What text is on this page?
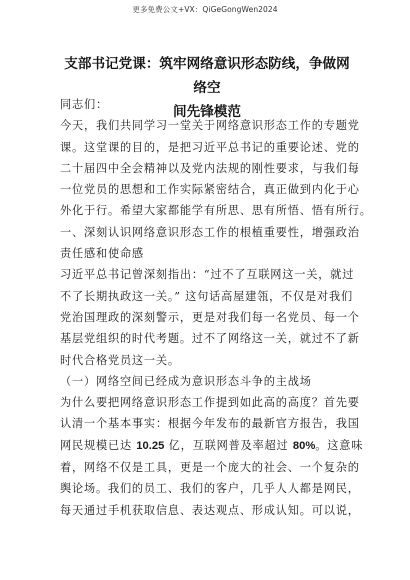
更多免费公文+VX：QiGeGongWen2024
支部书记党课：筑牢网络意识形态防线，争做网络空
间先锋模范

同志们：

今天，我们共同学习一堂关于网络意识形态工作的专题党

课。这堂课的目的，是把习近平总书记的重要论述、党的

二十届四中全会精神以及党内法规的刚性要求，与我们每

一位党员的思想和工作实际紧密结合，真正做到内化于心

外化于行。希望大家都能学有所思、思有所悟、悟有所行。

一、深刻认识网络意识形态工作的根植重要性，增强政治

责任感和使命感

习近平总书记曾深刻指出：“过不了互联网这一关，就过

不了长期执政这一关。” 这句话高屋建瓴，不仅是对我们

党治国理政的深刻警示，更是对我们每一名党员、每一个

基层党组织的时代考题。过不了网络这一关，就过不了新

时代合格党员这一关。

（一）网络空间已经成为意识形态斗争的主战场

为什么要把网络意识形态工作提到如此高的高度？首先要

认清一个基本事实：根据今年发布的最新官方报告，我国

网民规模已达 10.25 亿，互联网普及率超过 80%。这意味

着，网络不仅是工具，更是一个庞大的社会、一个复杂的

舆论场。我们的员工、我们的客户，几乎人人都是网民，

每天通过手机获取信息、表达观点、形成认知。可以说，
